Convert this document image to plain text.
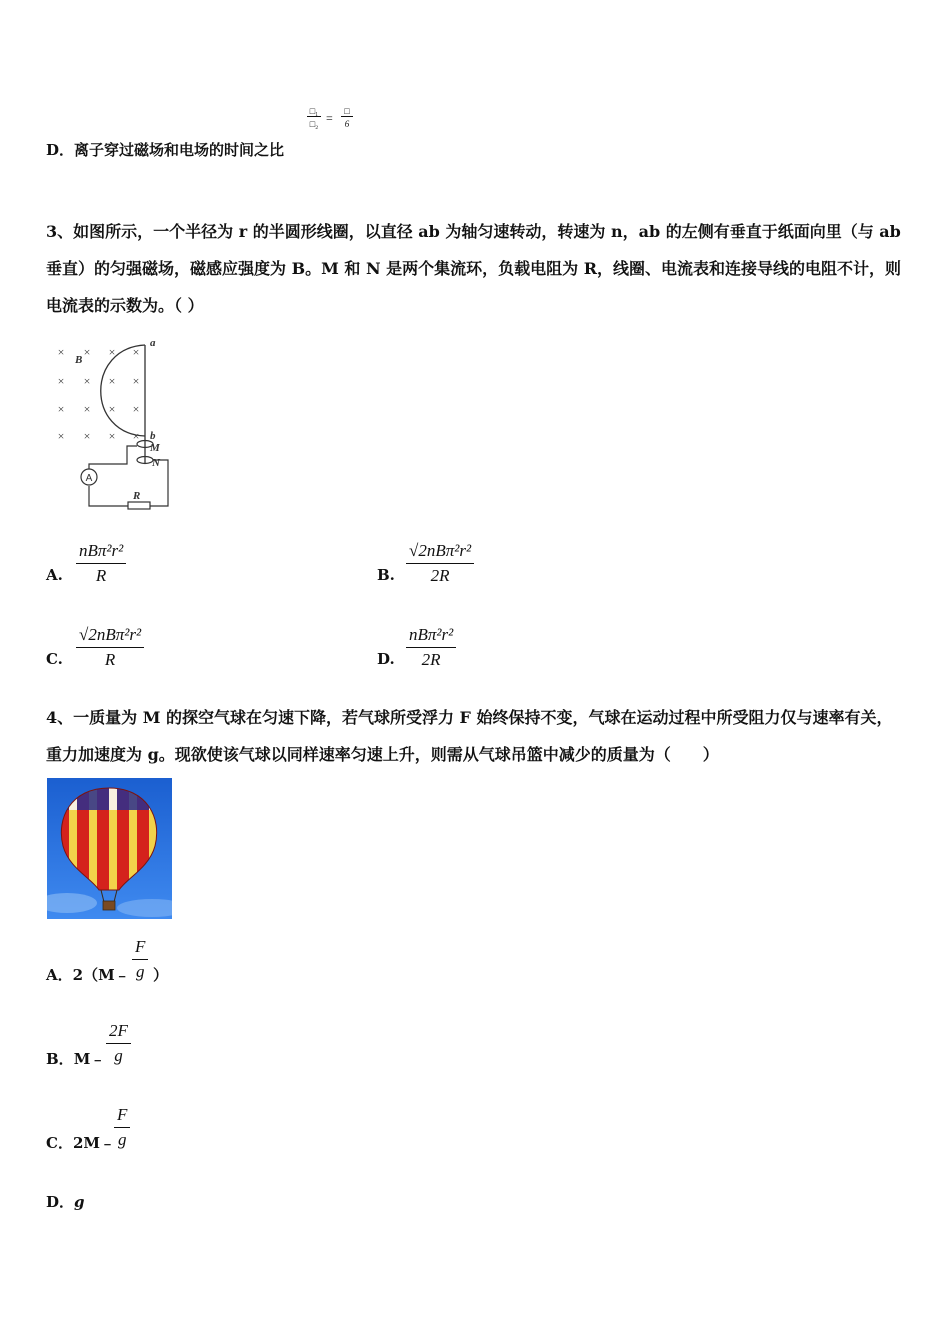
□₁
□₂ =	□
6
D．离子穿过磁场和电场的时间之比
3、如图所示，一个半径为 r 的半圆形线圈，以直径 ab 为轴匀速转动，转速为 n，ab 的左侧有垂直于纸面向里（与 ab
垂直）的匀强磁场，磁感应强度为 B。M 和 N 是两个集流环，负载电阻为 R，线圈、电流表和连接导线的电阻不计，则
电流表的示数为。（ ）
× × × ×
× × × ×
× × × ×
× × × ×
B
a
b
M
N
A
R
A.
nBπ²r²
R	B.
√2nBπ²r²
2R
C.
√2nBπ²r²
R	D.
nBπ²r²
2R
4、一质量为 M 的探空气球在匀速下降，若气球所受浮力 F 始终保持不变，气球在运动过程中所受阻力仅与速率有关，
重力加速度为 g。现欲使该气球以同样速率匀速上升，则需从气球吊篮中减少的质量为（　　）
A．2（M﹣ $\frac{F}{g}$ ）
B．M﹣ $\frac{2F}{g}$
C．2M﹣ $\frac{F}{g}$
D．g
